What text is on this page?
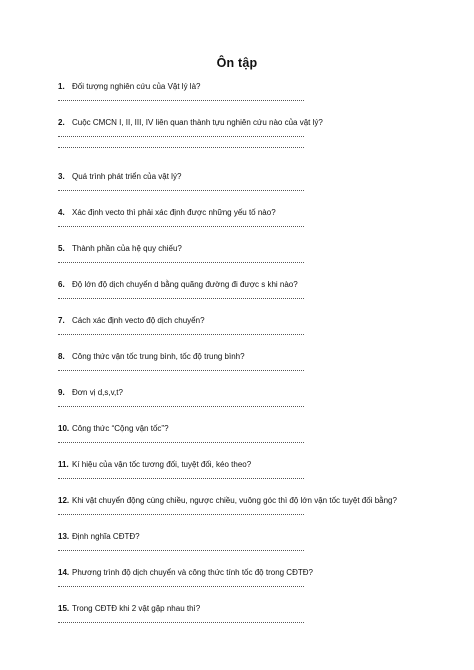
Ôn tập
1. Đối tượng nghiên cứu của Vật lý là?
2. Cuộc CMCN I, II, III, IV liên quan thành tựu nghiên cứu nào của vật lý?
3. Quá trình phát triển của vật lý?
4. Xác định vecto thì phải xác định được những yếu tố nào?
5. Thành phần của hệ quy chiếu?
6. Độ lớn độ dịch chuyển d bằng quãng đường đi được s khi nào?
7. Cách xác định vecto độ dịch chuyển?
8. Công thức vận tốc trung bình, tốc độ trung bình?
9. Đơn vị d,s,v,t?
10. Công thức “Cộng vận tốc”?
11. Kí hiệu của vận tốc tương đối, tuyệt đối, kéo theo?
12. Khi vật chuyển động cùng chiều, ngược chiều, vuông góc thì độ lớn vận tốc tuyệt đối bằng?
13. Định nghĩa CĐTĐ?
14. Phương trình độ dịch chuyển và công thức tính tốc độ trong CĐTĐ?
15. Trong CĐTĐ khi 2 vật gặp nhau thì?
